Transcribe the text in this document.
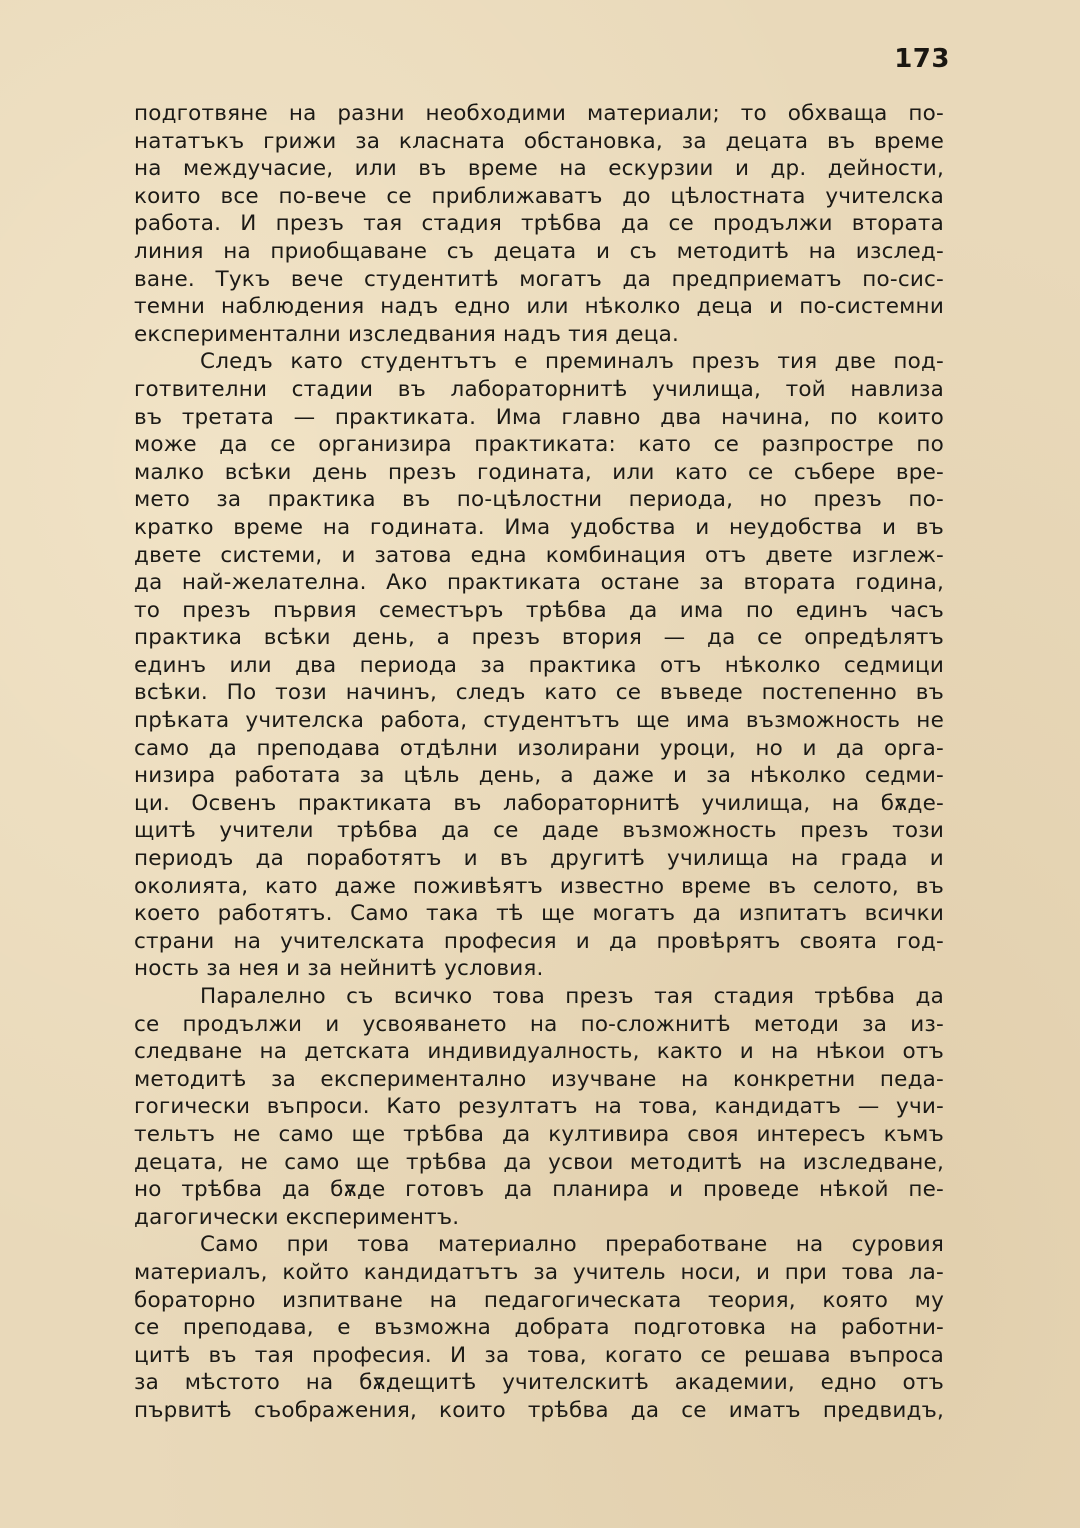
173
подготвяне на разни необходими материали; то обхваща по-
нататъкъ грижи за класната обстановка, за децата въ време
на междучасие, или въ време на ескурзии и др. дейности,
които все по-вече се приближаватъ до цѣлостната учителска
работа. И презъ тая стадия трѣбва да се продължи втората
линия на приобщаване съ децата и съ методитѣ на изслед-
ване. Тукъ вече студентитѣ могатъ да предприематъ по-сис-
темни наблюдения надъ едно или нѣколко деца и по-системни
експериментални изследвания надъ тия деца.
Следъ като студентътъ е преминалъ презъ тия две под-
готвителни стадии въ лабораторнитѣ училища, той навлиза
въ третата — практиката. Има главно два начина, по които
може да се организира практиката: като се разпростре по
малко всѣки день презъ годината, или като се събере вре-
мето за практика въ по-цѣлостни периода, но презъ по-
кратко време на годината. Има удобства и неудобства и въ
двете системи, и затова една комбинация отъ двете изглеж-
да най-желателна. Ако практиката остане за втората година,
то презъ първия семестъръ трѣбва да има по единъ часъ
практика всѣки день, а презъ втория — да се опредѣлятъ
единъ или два периода за практика отъ нѣколко седмици
всѣки. По този начинъ, следъ като се въведе постепенно въ
прѣката учителска работа, студентътъ ще има възможность не
само да преподава отдѣлни изолирани уроци, но и да орга-
низира работата за цѣль день, а даже и за нѣколко седми-
ци. Освенъ практиката въ лабораторнитѣ училища, на бѫде-
щитѣ учители трѣбва да се даде възможность презъ този
периодъ да поработятъ и въ другитѣ училища на града и
околията, като даже поживѣятъ известно време въ селото, въ
което работятъ. Само така тѣ ще могатъ да изпитатъ всички
страни на учителската професия и да провѣрятъ своята год-
ность за нея и за нейнитѣ условия.
Паралелно съ всичко това презъ тая стадия трѣбва да
се продължи и усвояването на по-сложнитѣ методи за из-
следване на детската индивидуалность, както и на нѣкои отъ
методитѣ за експериментално изучване на конкретни педа-
гогически въпроси. Като резултатъ на това, кандидатъ — учи-
тельтъ не само ще трѣбва да култивира своя интересъ къмъ
децата, не само ще трѣбва да усвои методитѣ на изследване,
но трѣбва да бѫде готовъ да планира и проведе нѣкой пе-
дагогически експериментъ.
Само при това материално преработване на суровия
материалъ, който кандидатътъ за учитель носи, и при това ла-
бораторно изпитване на педагогическата теория, която му
се преподава, е възможна добрата подготовка на работни-
цитѣ въ тая професия. И за това, когато се решава въпроса
за мѣстото на бѫдещитѣ учителскитѣ академии, едно отъ
първитѣ съображения, които трѣбва да се иматъ предвидъ,
